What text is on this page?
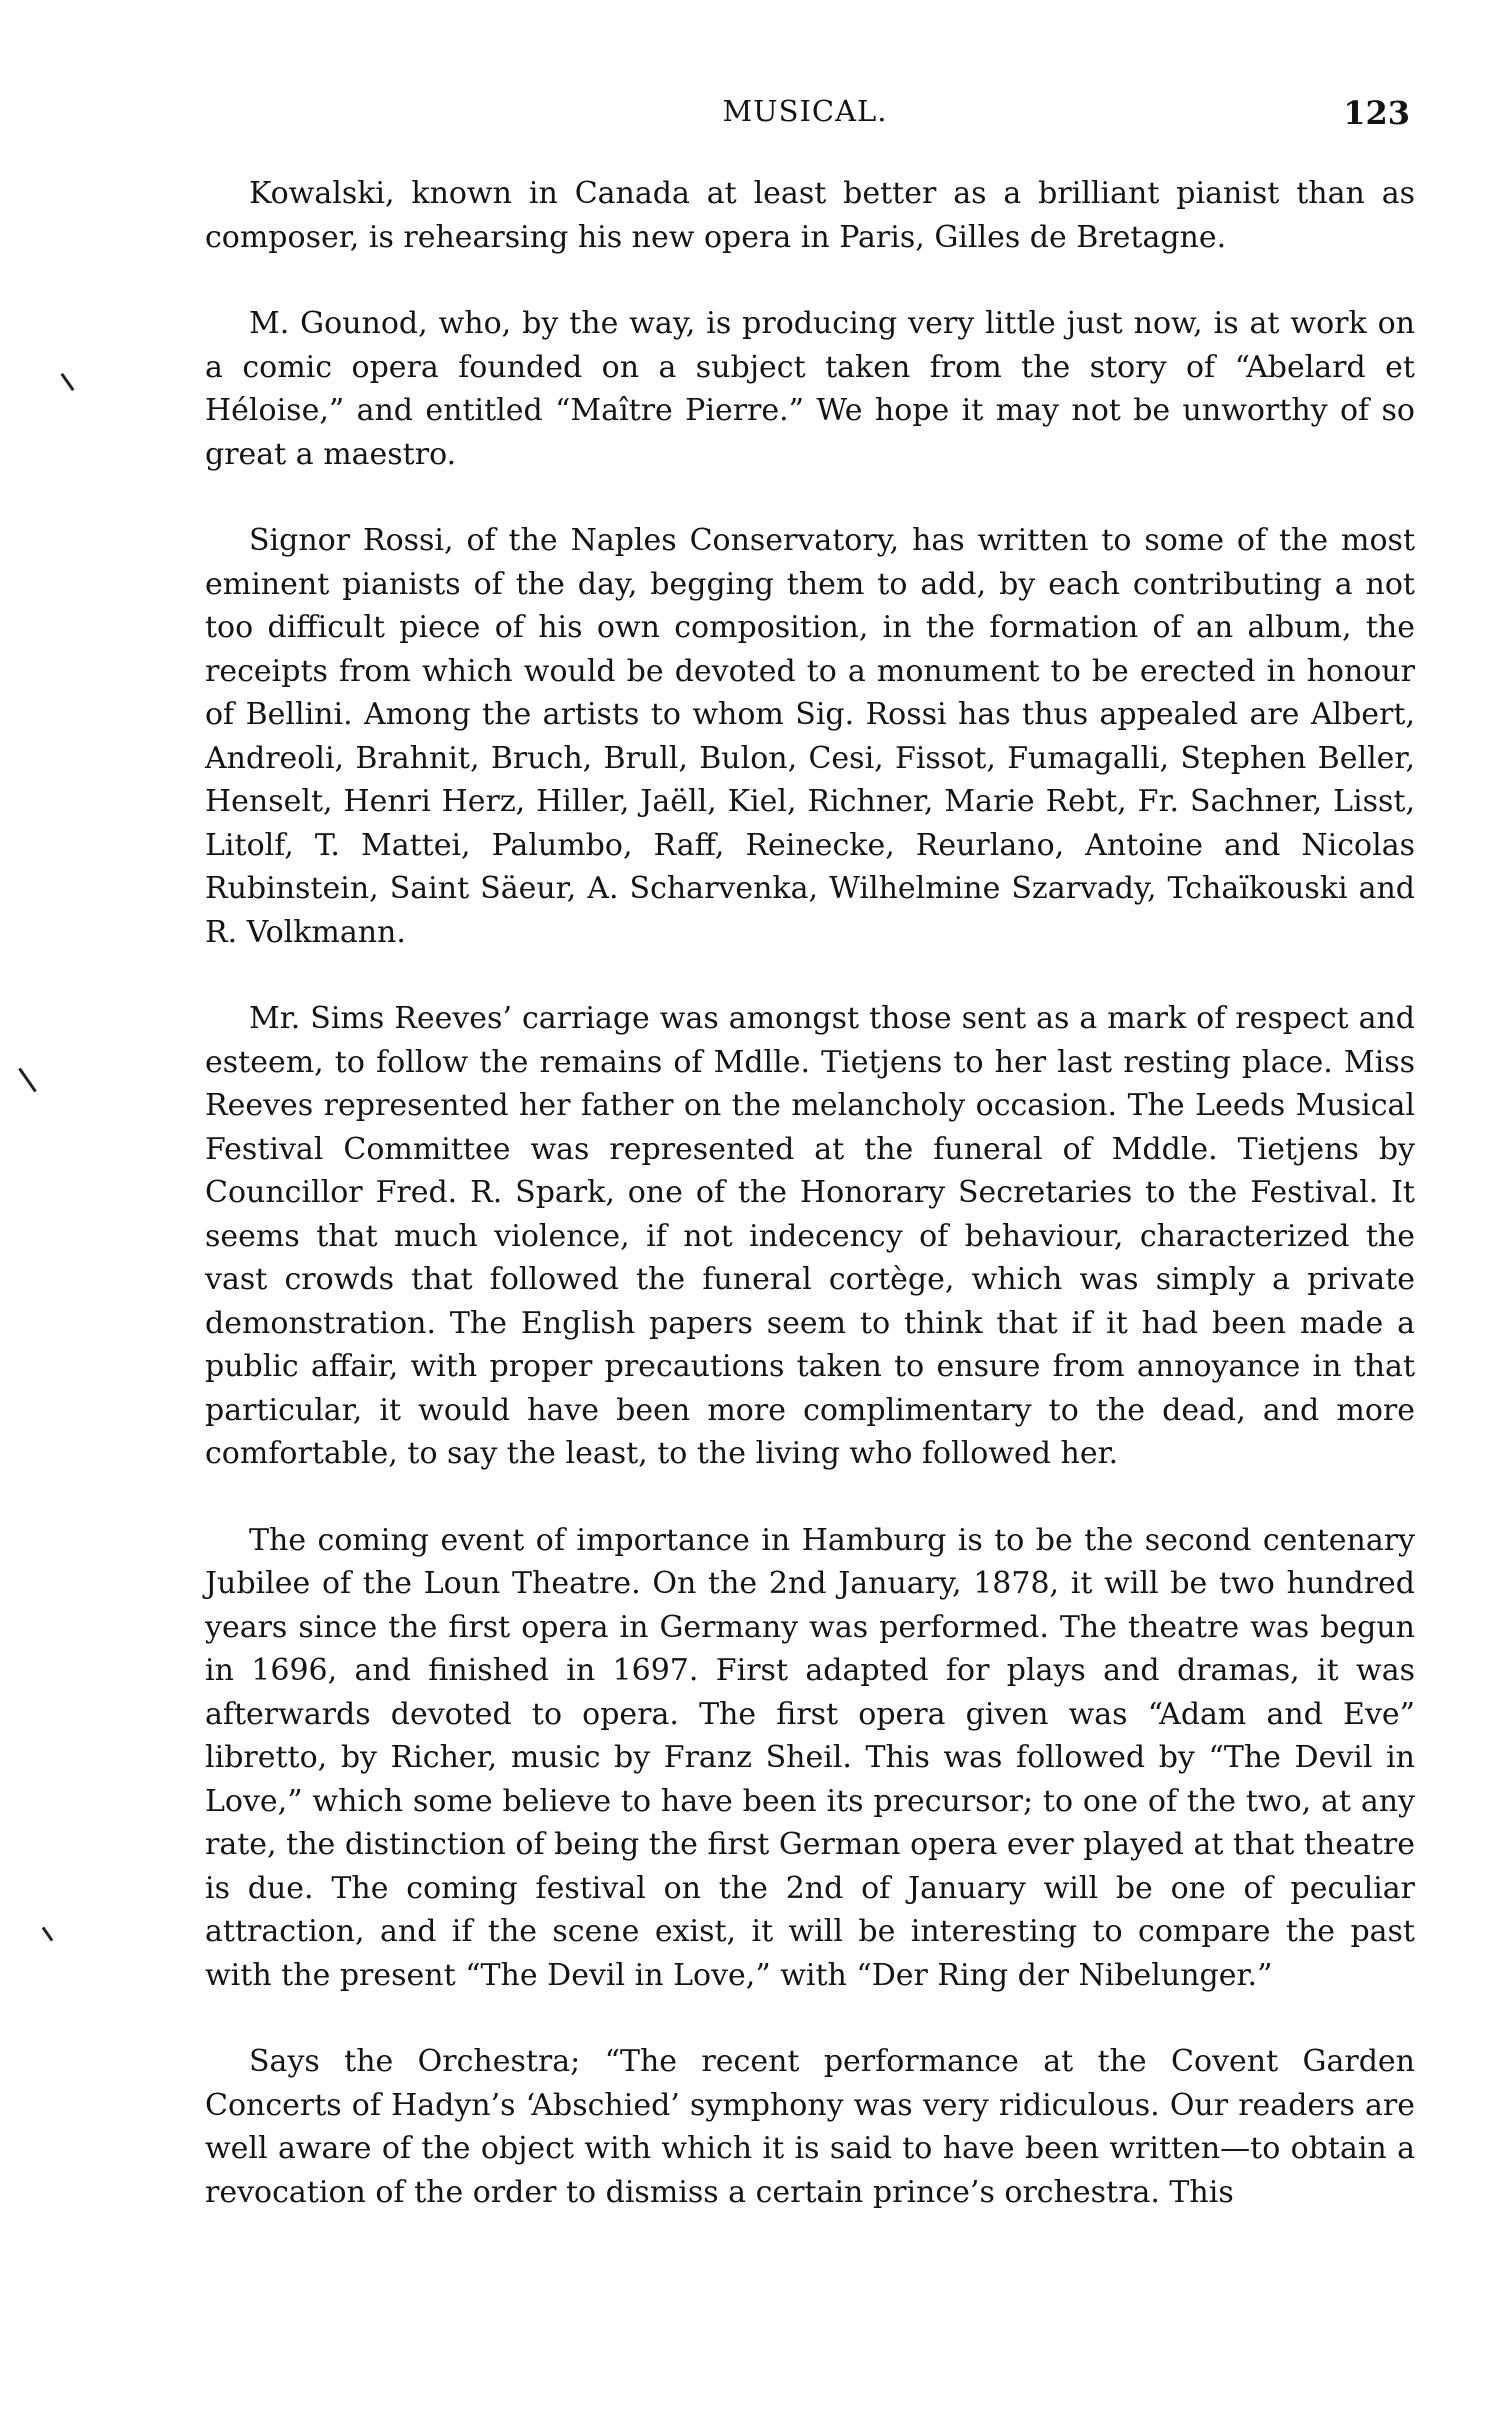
MUSICAL.	123

Kowalski, known in Canada at least better as a brilliant pianist than as composer, is rehearsing his new opera in Paris, Gilles de Bretagne.

M. Gounod, who, by the way, is producing very little just now, is at work on a comic opera founded on a subject taken from the story of “Abelard et Héloise,” and entitled “Maître Pierre.” We hope it may not be unworthy of so great a maestro.

Signor Rossi, of the Naples Conservatory, has written to some of the most eminent pianists of the day, begging them to add, by each contributing a not too difficult piece of his own composition, in the formation of an album, the receipts from which would be devoted to a monument to be erected in honour of Bellini. Among the artists to whom Sig. Rossi has thus appealed are Albert, Andreoli, Brahnit, Bruch, Brull, Bulon, Cesi, Fissot, Fumagalli, Stephen Beller, Henselt, Henri Herz, Hiller, Jaëll, Kiel, Richner, Marie Rebt, Fr. Sachner, Lisst, Litolf, T. Mattei, Palumbo, Raff, Reinecke, Reurlano, Antoine and Nicolas Rubinstein, Saint Säeur, A. Scharvenka, Wilhelmine Szarvady, Tchaïkouski and R. Volkmann.

Mr. Sims Reeves’ carriage was amongst those sent as a mark of respect and esteem, to follow the remains of Mdlle. Tietjens to her last resting place. Miss Reeves represented her father on the melancholy occasion. The Leeds Musical Festival Committee was represented at the funeral of Mddle. Tietjens by Councillor Fred. R. Spark, one of the Honorary Secretaries to the Festival. It seems that much violence, if not indecency of behaviour, characterized the vast crowds that followed the funeral cortège, which was simply a private demonstration. The English papers seem to think that if it had been made a public affair, with proper precautions taken to ensure from annoyance in that particular, it would have been more complimentary to the dead, and more comfortable, to say the least, to the living who followed her.

The coming event of importance in Hamburg is to be the second centenary Jubilee of the Loun Theatre. On the 2nd January, 1878, it will be two hundred years since the first opera in Germany was performed. The theatre was begun in 1696, and finished in 1697. First adapted for plays and dramas, it was afterwards devoted to opera. The first opera given was “Adam and Eve” libretto, by Richer, music by Franz Sheil. This was followed by “The Devil in Love,” which some believe to have been its precursor; to one of the two, at any rate, the distinction of being the first German opera ever played at that theatre is due. The coming festival on the 2nd of January will be one of peculiar attraction, and if the scene exist, it will be interesting to compare the past with the present “The Devil in Love,” with “Der Ring der Nibelunger.”

Says the Orchestra; “The recent performance at the Covent Garden Concerts of Hadyn’s ‘Abschied’ symphony was very ridiculous. Our readers are well aware of the object with which it is said to have been written—to obtain a revocation of the order to dismiss a certain prince’s orchestra. This
